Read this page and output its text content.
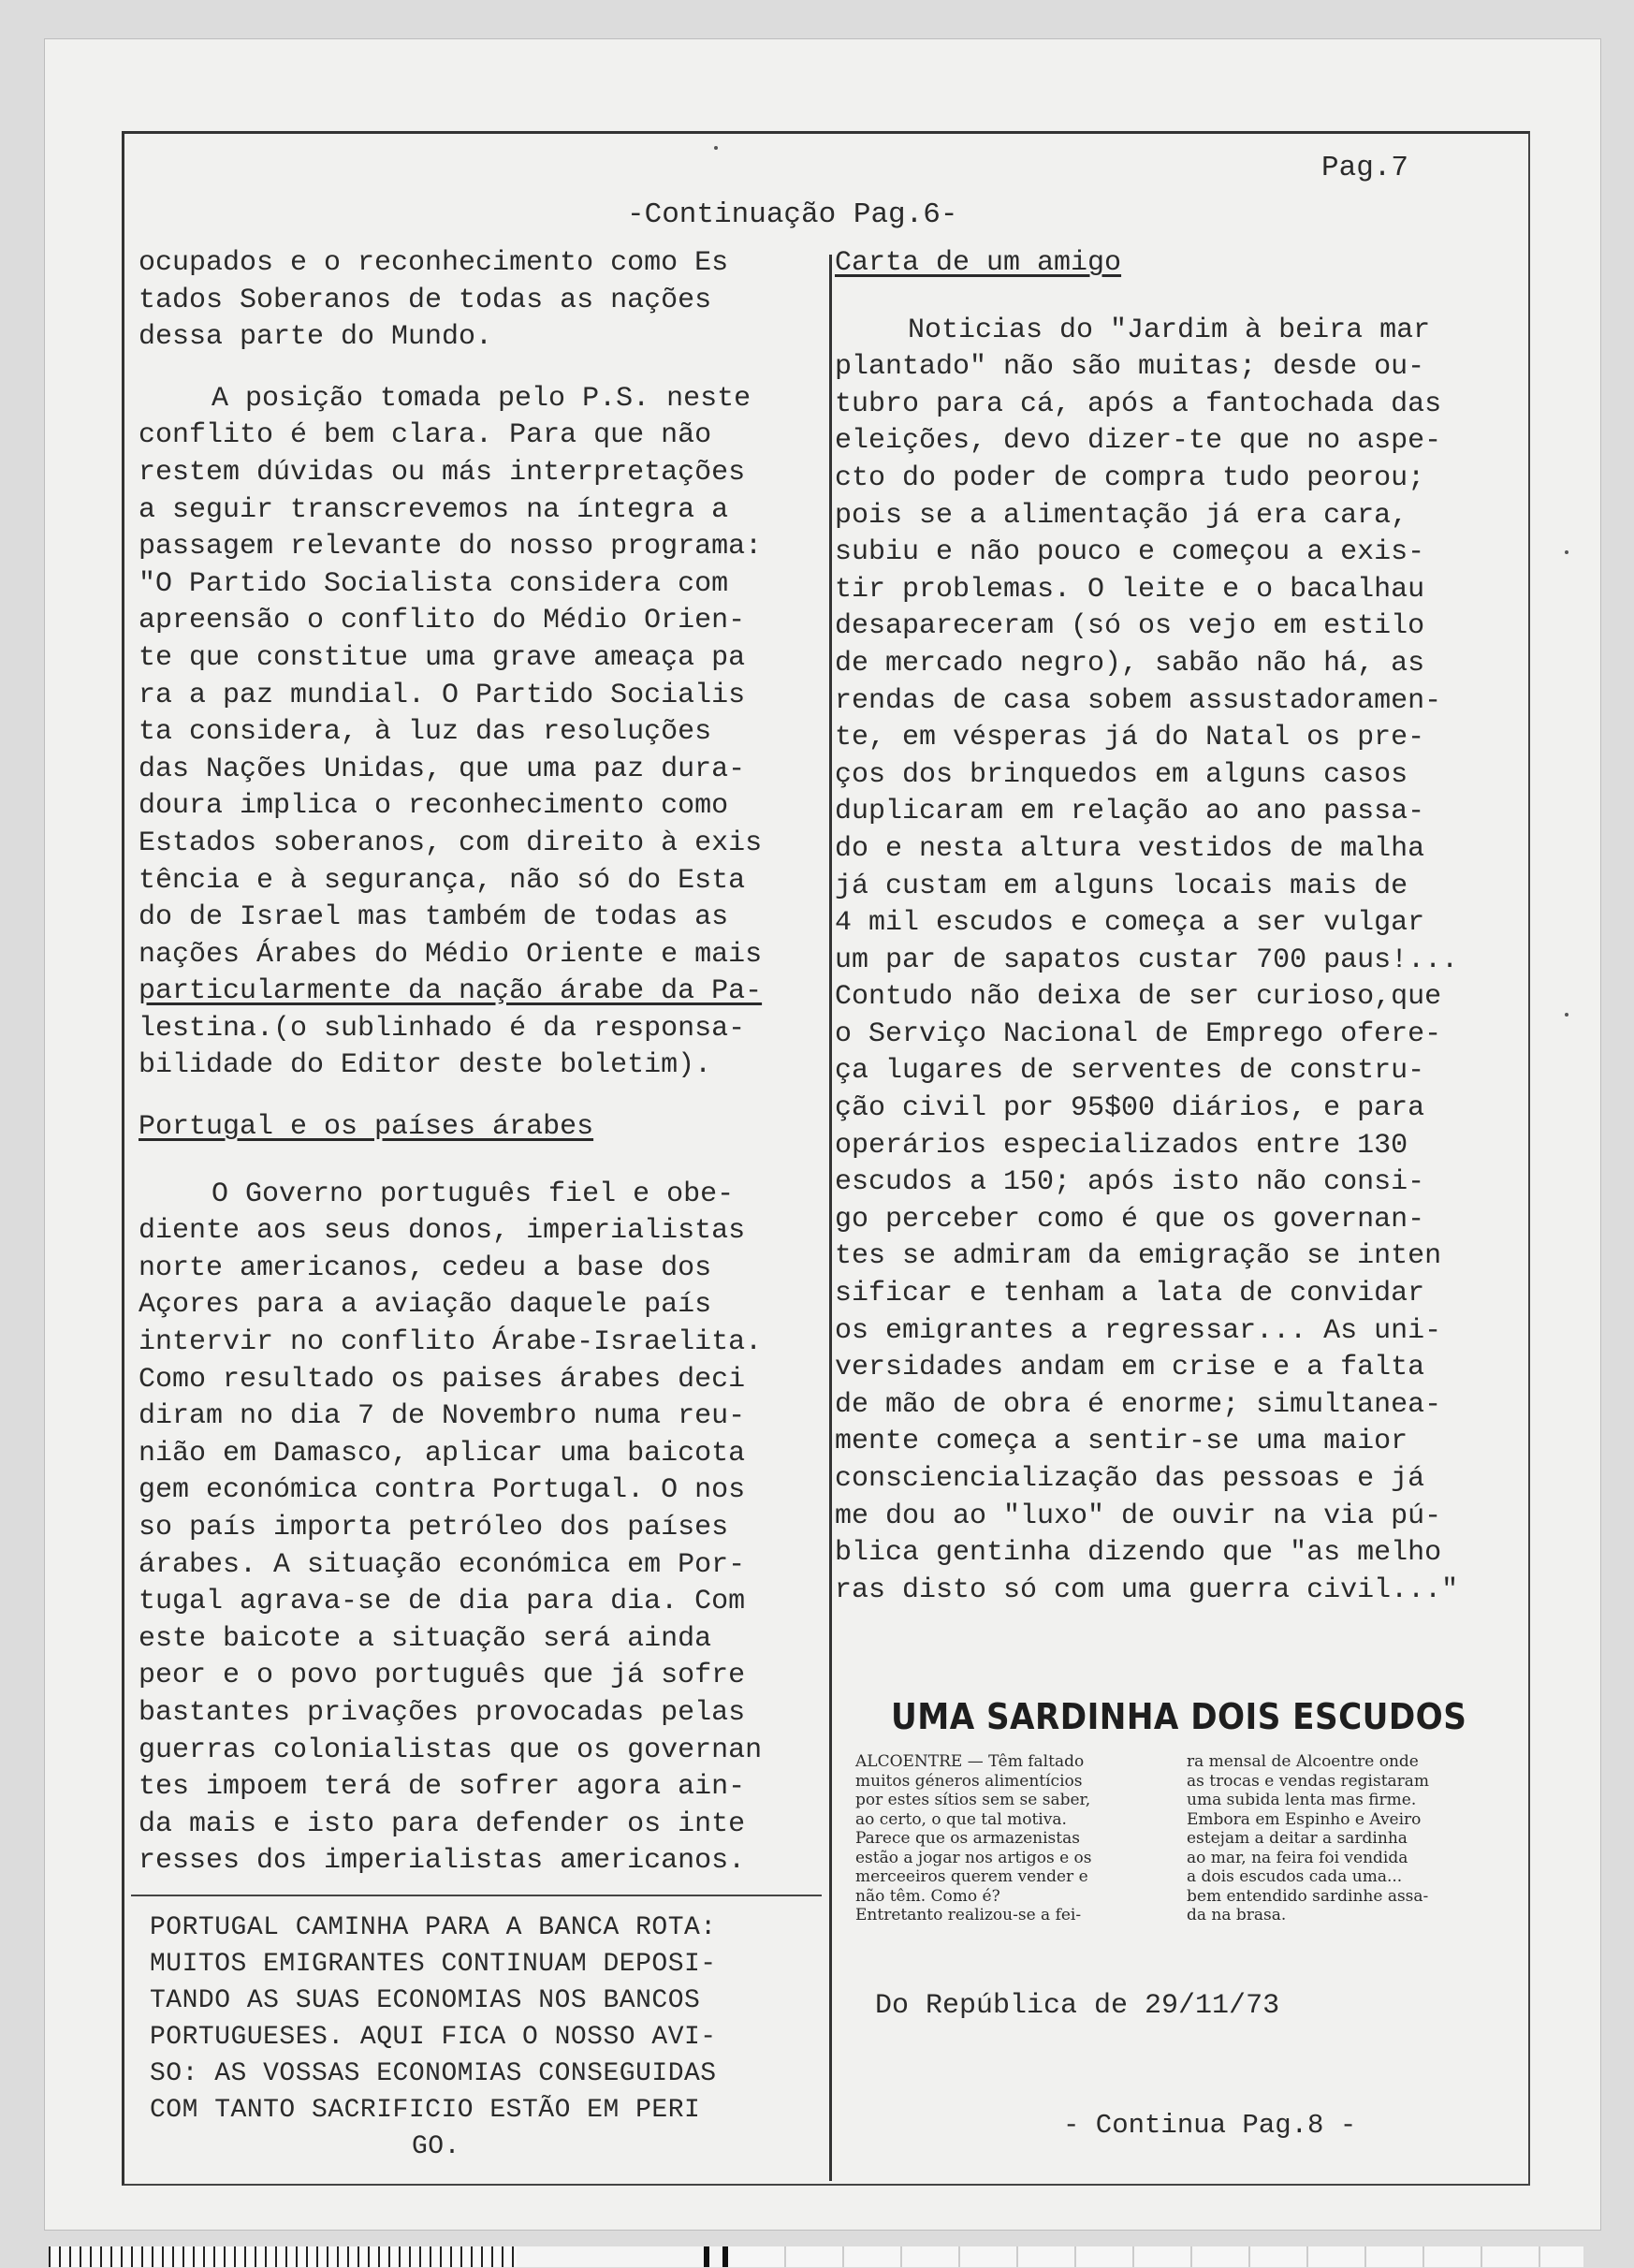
Pag.7
-Continuação Pag.6-
ocupados e o reconhecimento como Es
tados Soberanos de todas as nações
dessa parte do Mundo.
A posição tomada pelo P.S. neste
conflito é bem clara. Para que não
restem dúvidas ou más interpretações
a seguir transcrevemos na íntegra a
passagem relevante do nosso programa:
"O Partido Socialista considera com
apreensão o conflito do Médio Orien-
te que constitue uma grave ameaça pa
ra a paz mundial. O Partido Socialis
ta considera, à luz das resoluções
das Nações Unidas, que uma paz dura-
doura implica o reconhecimento como
Estados soberanos, com direito à exis
tência e à segurança, não só do Esta
do de Israel mas também de todas as
nações Árabes do Médio Oriente e mais
particularmente da nação árabe da Pa-
lestina.(o sublinhado é da responsa-
bilidade do Editor deste boletim).
Portugal e os países árabes
O Governo português fiel e obe-
diente aos seus donos, imperialistas
norte americanos, cedeu a base dos
Açores para a aviação daquele país
intervir no conflito Árabe-Israelita.
Como resultado os paises árabes deci
diram no dia 7 de Novembro numa reu-
nião em Damasco, aplicar uma baicota
gem económica contra Portugal. O nos
so país importa petróleo dos países
árabes. A situação económica em Por-
tugal agrava-se de dia para dia. Com
este baicote a situação será ainda
peor e o povo português que já sofre
bastantes privações provocadas pelas
guerras colonialistas que os governan
tes impoem terá de sofrer agora ain-
da mais e isto para defender os inte
resses dos imperialistas americanos.
PORTUGAL CAMINHA PARA A BANCA ROTA:
MUITOS EMIGRANTES CONTINUAM DEPOSI-
TANDO AS SUAS ECONOMIAS NOS BANCOS
PORTUGUESES. AQUI FICA O NOSSO AVI-
SO: AS VOSSAS ECONOMIAS CONSEGUIDAS
COM TANTO SACRIFICIO ESTÃO EM PERI
GO.
Carta de um amigo
Noticias do "Jardim à beira mar
plantado" não são muitas; desde ou-
tubro para cá, após a fantochada das
eleições, devo dizer-te que no aspe-
cto do poder de compra tudo peorou;
pois se a alimentação já era cara,
subiu e não pouco e começou a exis-
tir problemas. O leite e o bacalhau
desapareceram (só os vejo em estilo
de mercado negro), sabão não há, as
rendas de casa sobem assustadoramen-
te, em vésperas já do Natal os pre-
ços dos brinquedos em alguns casos
duplicaram em relação ao ano passa-
do e nesta altura vestidos de malha
já custam em alguns locais mais de
4 mil escudos e começa a ser vulgar
um par de sapatos custar 700 paus!...
Contudo não deixa de ser curioso,que
o Serviço Nacional de Emprego ofere-
ça lugares de serventes de constru-
ção civil por 95$00 diários, e para
operários especializados entre 130
escudos a 150; após isto não consi-
go perceber como é que os governan-
tes se admiram da emigração se inten
sificar e tenham a lata de convidar
os emigrantes a regressar... As uni-
versidades andam em crise e a falta
de mão de obra é enorme; simultanea-
mente começa a sentir-se uma maior
consciencialização das pessoas e já
me dou ao "luxo" de ouvir na via pú-
blica gentinha dizendo que "as melho
ras disto só com uma guerra civil..."
UMA SARDINHA DOIS ESCUDOS
ALCOENTRE — Têm faltado
muitos géneros alimentícios
por estes sítios sem se saber,
ao certo, o que tal motiva.
Parece que os armazenistas
estão a jogar nos artigos e os
merceeiros querem vender e
não têm. Como é?
Entretanto realizou-se a fei-
ra mensal de Alcoentre onde
as trocas e vendas registaram
uma subida lenta mas firme.
Embora em Espinho e Aveiro
estejam a deitar a sardinha
ao mar, na feira foi vendida
a dois escudos cada uma...
bem entendido sardinhe assa-
da na brasa.
Do República de 29/11/73
- Continua Pag.8 -
